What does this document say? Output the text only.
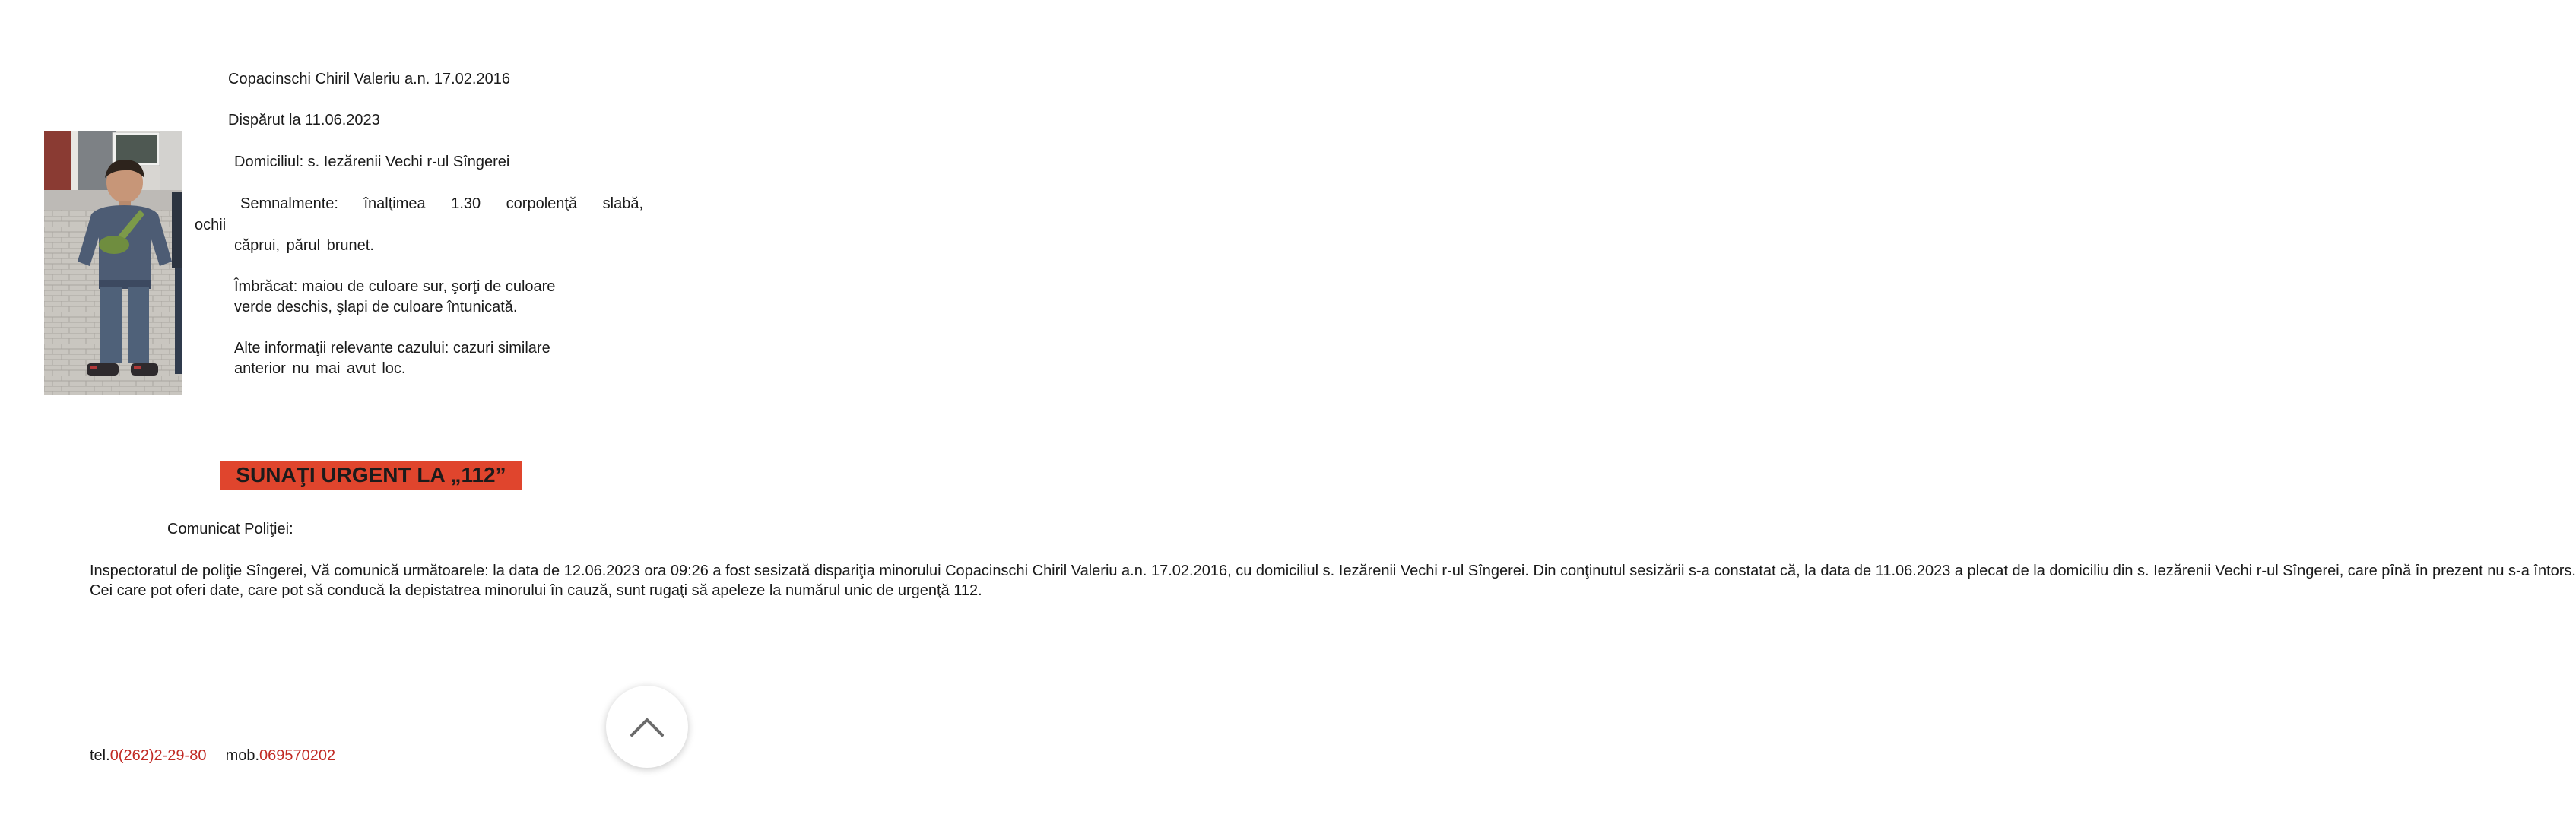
Copacinschi Chiril Valeriu a.n. 17.02.2016
Dispărut la 11.06.2023
Domiciliul: s. Iezărenii Vechi r-ul Sîngerei
Semnalmente: înalţimea 1.30 corpolenţă slabă,
ochii
căprui, părul brunet.
Îmbrăcat: maiou de culoare sur, şorţi de culoare
verde deschis, şlapi de culoare întunicată.
Alte informaţii relevante cazului: cazuri similare
anterior nu mai avut loc.
SUNAŢI URGENT LA „112”
Comunicat Poliţiei:

Inspectoratul de poliţie Sîngerei, Vă comunică următoarele: la data de 12.06.2023 ora 09:26 a fost sesizată dispariţia minorului Copacinschi Chiril Valeriu a.n. 17.02.2016, cu domiciliul s. Iezărenii Vechi r-ul Sîngerei. Din conţinutul sesizării s-a constatat că, la data de 11.06.2023 a plecat de la domiciliu din s. Iezărenii Vechi r-ul Sîngerei, care pînă în prezent nu s-a întors.

Cei care pot oferi date, care pot să conducă la depistatrea minorului în cauză, sunt rugaţi să apeleze la numărul unic de urgenţă 112.

tel.0(262)2-29-80 mob.069570202
